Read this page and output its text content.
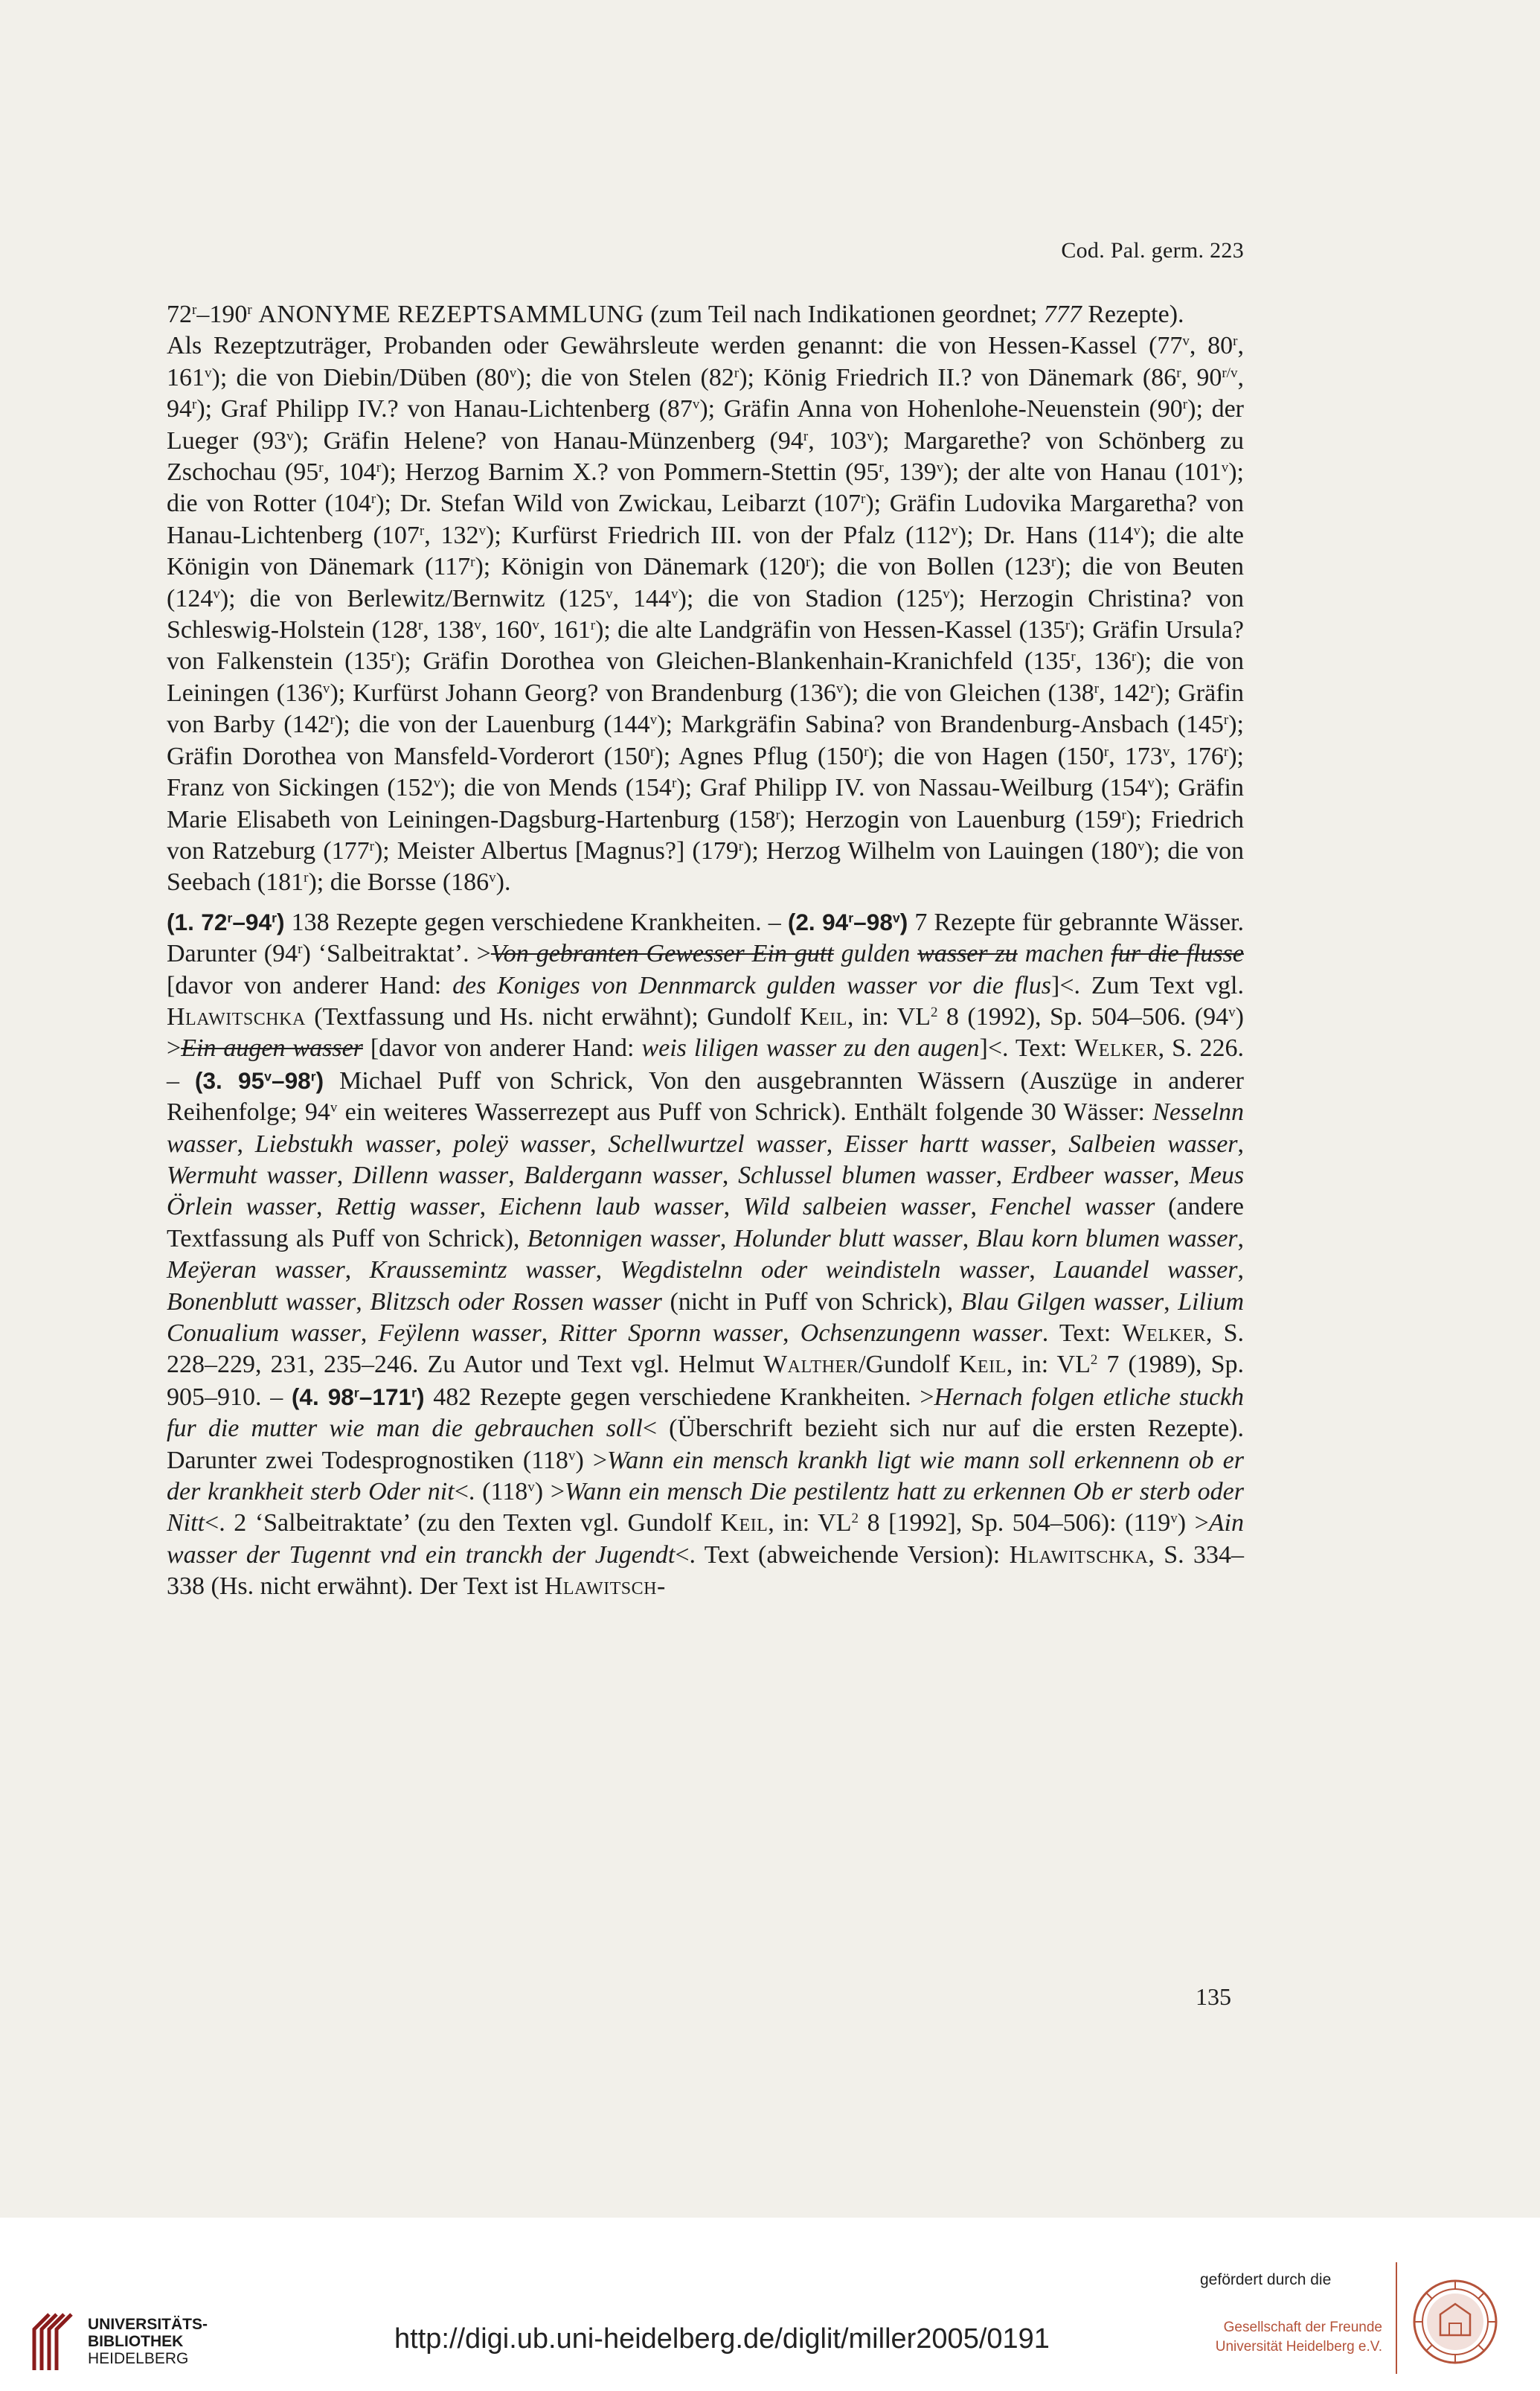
Cod. Pal. germ. 223

72$^r$–190$^r$ ANONYME REZEPTSAMMLUNG (zum Teil nach Indikationen geordnet; 777 Rezepte).

Als Rezeptzuträger, Probanden oder Gewährsleute werden genannt: die von Hessen-Kassel (77$^v$, 80$^r$, 161$^v$); die von Diebin/Düben (80$^v$); die von Stelen (82$^r$); König Friedrich II.? von Dänemark (86$^r$, $90^{r/v}$, 94$^r$); Graf Philipp IV.? von Hanau-Lichtenberg (87$^v$); Gräfin Anna von Hohenlohe-Neuenstein (90$^r$); der Lueger (93$^v$); Gräfin Helene? von Hanau-Münzenberg (94$^r$, 103$^v$); Margarethe? von Schönberg zu Zschochau (95$^r$, 104$^r$); Herzog Barnim X.? von Pommern-Stettin (95$^r$, 139$^v$); der alte von Hanau (101$^v$); die von Rotter (104$^r$); Dr. Stefan Wild von Zwickau, Leibarzt (107$^r$); Gräfin Ludovika Margaretha? von Hanau-Lichtenberg (107$^r$, 132$^v$); Kurfürst Friedrich III. von der Pfalz (112$^v$); Dr. Hans (114$^v$); die alte Königin von Dänemark (117$^r$); Königin von Dänemark (120$^r$); die von Bollen (123$^r$); die von Beuten (124$^v$); die von Berlewitz/Bernwitz (125$^v$, 144$^v$); die von Stadion (125$^v$); Herzogin Christina? von Schleswig-Holstein (128$^r$, 138$^v$, 160$^v$, 161$^r$); die alte Landgräfin von Hessen-Kassel (135$^r$); Gräfin Ursula? von Falkenstein (135$^r$); Gräfin Dorothea von Gleichen-Blankenhain-Kranichfeld (135$^r$, 136$^r$); die von Leiningen (136$^v$); Kurfürst Johann Georg? von Brandenburg (136$^v$); die von Gleichen (138$^r$, 142$^r$); Gräfin von Barby (142$^r$); die von der Lauenburg (144$^v$); Markgräfin Sabina? von Brandenburg-Ansbach (145$^r$); Gräfin Dorothea von Mansfeld-Vorderort (150$^r$); Agnes Pflug (150$^r$); die von Hagen (150$^r$, 173$^v$, 176$^r$); Franz von Sickingen (152$^v$); die von Mends (154$^r$); Graf Philipp IV. von Nassau-Weilburg (154$^v$); Gräfin Marie Elisabeth von Leiningen-Dagsburg-Hartenburg (158$^r$); Herzogin von Lauenburg (159$^r$); Friedrich von Ratzeburg (177$^r$); Meister Albertus [Magnus?] (179$^r$); Herzog Wilhelm von Lauingen (180$^v$); die von Seebach (181$^r$); die Borsse (186$^v$).

(1. 72$^r$–94$^r$) 138 Rezepte gegen verschiedene Krankheiten. – (2. 94$^r$–98$^v$) 7 Rezepte für gebrannte Wässer. Darunter (94$^r$) ‘Salbeitraktat’. >Von gebranten Gewesser Ein gutt gulden wasser zu machen fur die flusse [davor von anderer Hand: des Koniges von Dennmarck gulden wasser vor die flus]<. Zum Text vgl. Hlawitschka (Textfassung und Hs. nicht erwähnt); Gundolf Keil, in: $VL^2$ 8 (1992), Sp. 504–506. $(94^v) >Ein$ augen wasser [davor von anderer Hand: weis liligen wasser zu den augen]<. Text: Welker, S. 226. – (3. 95$^v$–98$^r$) Michael Puff von Schrick, Von den ausgebrannten Wässern (Auszüge in anderer Reihenfolge; 94$^v$ ein weiteres Wasserrezept aus Puff von Schrick). Enthält folgende 30 Wässer: Nesselnn wasser, Liebstukh wasser, poleÿ wasser, Schellwurtzel wasser, Eisser hartt wasser, Salbeien wasser, Wermuht wasser, Dillenn wasser, Baldergann wasser, Schlussel blumen wasser, Erdbeer wasser, Meus Örlein wasser, Rettig wasser, Eichenn laub wasser, Wild salbeien wasser, Fenchel wasser (andere Textfassung als Puff von Schrick), Betonnigen wasser, Holunder blutt wasser, Blau korn blumen wasser, Meÿeran wasser, Kraussemintz wasser, Wegdistelnn oder weindisteln wasser, Lauandel wasser, Bonenblutt wasser, Blitzsch oder Rossen wasser (nicht in Puff von Schrick), Blau Gilgen wasser, Lilium Conualium wasser, Feÿlenn wasser, Ritter Spornn wasser, Ochsenzungenn wasser. Text: Welker, S. 228–229, 231, 235–246. Zu Autor und Text vgl. Helmut Walther/Gundolf Keil, in: $VL^2$ 7 (1989), Sp. 905–910. – (4. 98$^r$–171$^r$) 482 Rezepte gegen verschiedene Krankheiten. >Hernach folgen etliche stuckh fur die mutter wie man die gebrauchen soll< (Überschrift bezieht sich nur auf die ersten Rezepte). Darunter zwei Todesprognostiken $(118^v)$ >Wann ein mensch krankh ligt wie mann soll erkennenn ob er der krankheit sterb Oder nit<. $(118^v)$ >Wann ein mensch Die pestilentz hatt zu erkennen Ob er sterb oder Nitt<. 2 ‘Salbeitraktate’ (zu den Texten vgl. Gundolf Keil, in: $VL^2$ 8 [1992], Sp. 504–506): $(119^v) >Ain$ wasser der Tugennt vnd ein tranckh der Jugendt<. Text (abweichende Version): Hlawitschka, S. 334–338 (Hs. nicht erwähnt). Der Text ist Hlawitsch-

135
UNIVERSITÄTS-
BIBLIOTHEK
HEIDELBERG
http://digi.ub.uni-heidelberg.de/diglit/miller2005/0191
gefördert durch die
Gesellschaft der Freunde
Universität Heidelberg e.V.
